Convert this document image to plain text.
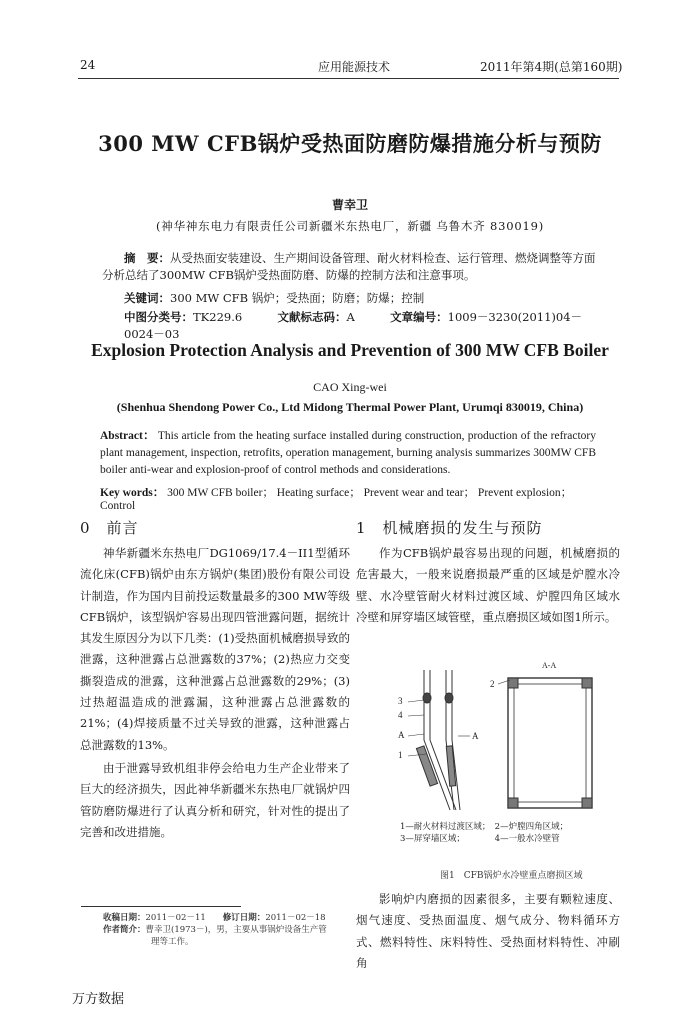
24	应用能源技术	2011年第4期(总第160期)
300 MW CFB锅炉受热面防磨防爆措施分析与预防
曹幸卫
(神华神东电力有限责任公司新疆米东热电厂，新疆 乌鲁木齐 830019)
摘　要：从受热面安装建设、生产期间设备管理、耐火材料检查、运行管理、燃烧调整等方面
分析总结了300MW CFB锅炉受热面防磨、防爆的控制方法和注意事项。
关键词：300 MW CFB 锅炉；受热面；防磨；防爆；控制
中图分类号：TK229.6	文献标志码：A	文章编号：1009－3230(2011)04－0024－03
Explosion Protection Analysis and Prevention of 300 MW CFB Boiler
CAO Xing-wei
(Shenhua Shendong Power Co., Ltd Midong Thermal Power Plant, Urumqi 830019, China)
Abstract： This article from the heating surface installed during construction, production of the refractory plant management, inspection, retrofits, operation management, burning analysis summarizes 300MW CFB boiler anti-wear and explosion-proof of control methods and considerations.
Key words： 300 MW CFB boiler； Heating surface； Prevent wear and tear； Prevent explosion； Control
0　前言

神华新疆米东热电厂DG1069/17.4－II1型循环流化床(CFB)锅炉由东方锅炉(集团)股份有限公司设计制造，作为国内目前投运数量最多的300 MW等级CFB锅炉，该型锅炉容易出现四管泄露问题，据统计其发生原因分为以下几类：(1)受热面机械磨损导致的泄露，这种泄露占总泄露数的37%；(2)热应力交变撕裂造成的泄露，这种泄露占总泄露数的29%；(3)过热超温造成的泄露漏，这种泄露占总泄露数的21%；(4)焊接质量不过关导致的泄露，这种泄露占总泄露数的13%。

由于泄露导致机组非停会给电力生产企业带来了巨大的经济损失，因此神华新疆米东热电厂就锅炉四管防磨防爆进行了认真分析和研究，针对性的提出了完善和改进措施。

收稿日期：2011－02－11　　 修订日期：2011－02－18
作者简介：曹幸卫(1973－)，男，主要从事锅炉设备生产管
理等工作。
1　机械磨损的发生与预防

作为CFB锅炉最容易出现的问题，机械磨损的危害最大，一般来说磨损最严重的区域是炉膛水冷壁、水冷壁管耐火材料过渡区域、炉膛四角区域水冷壁和屏穿墙区域管壁，重点磨损区域如图1所示。

3
4
A	A
1
A-A
2
1—耐火材料过渡区域；　2—炉膛四角区域；
3—屏穿墙区域；　　　　4—一般水冷壁管
图1　CFB锅炉水冷壁重点磨损区域

影响炉内磨损的因素很多，主要有颗粒速度、烟气速度、受热面温度、烟气成分、物料循环方式、燃料特性、床料特性、受热面材料特性、冲刷角

万方数据
